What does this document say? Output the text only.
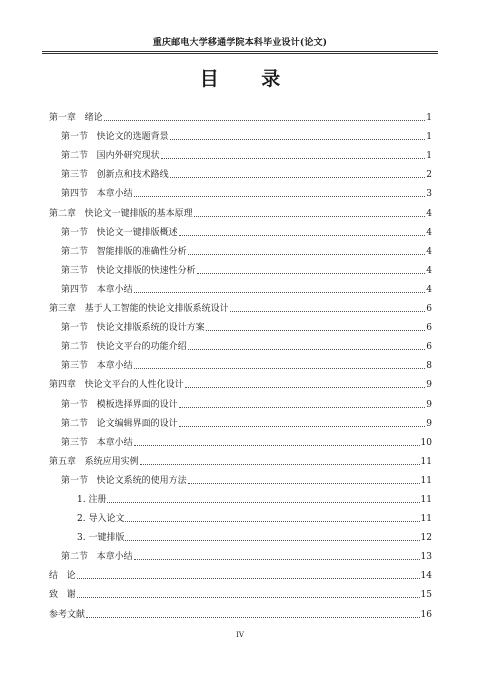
重庆邮电大学移通学院本科毕业设计(论文)
目 录
第一章   绪论	1
第一节   快论文的选题背景	1
第二节   国内外研究现状	1
第三节   创新点和技术路线	2
第四节   本章小结	3
第二章   快论文一键排版的基本原理	4
第一节   快论文一键排版概述	4
第二节   智能排版的准确性分析	4
第三节   快论文排版的快速性分析	4
第四节   本章小结	4
第三章   基于人工智能的快论文排版系统设计	6
第一节   快论文排版系统的设计方案	6
第二节   快论文平台的功能介绍	6
第三节   本章小结	8
第四章   快论文平台的人性化设计	9
第一节   模板选择界面的设计	9
第二节   论文编辑界面的设计	9
第三节   本章小结	10
第五章   系统应用实例	11
第一节   快论文系统的使用方法	11
1. 注册	11
2. 导入论文	11
3. 一键排版	12
第二节   本章小结	13
结   论	14
致   谢	15
参考文献	16
IV
